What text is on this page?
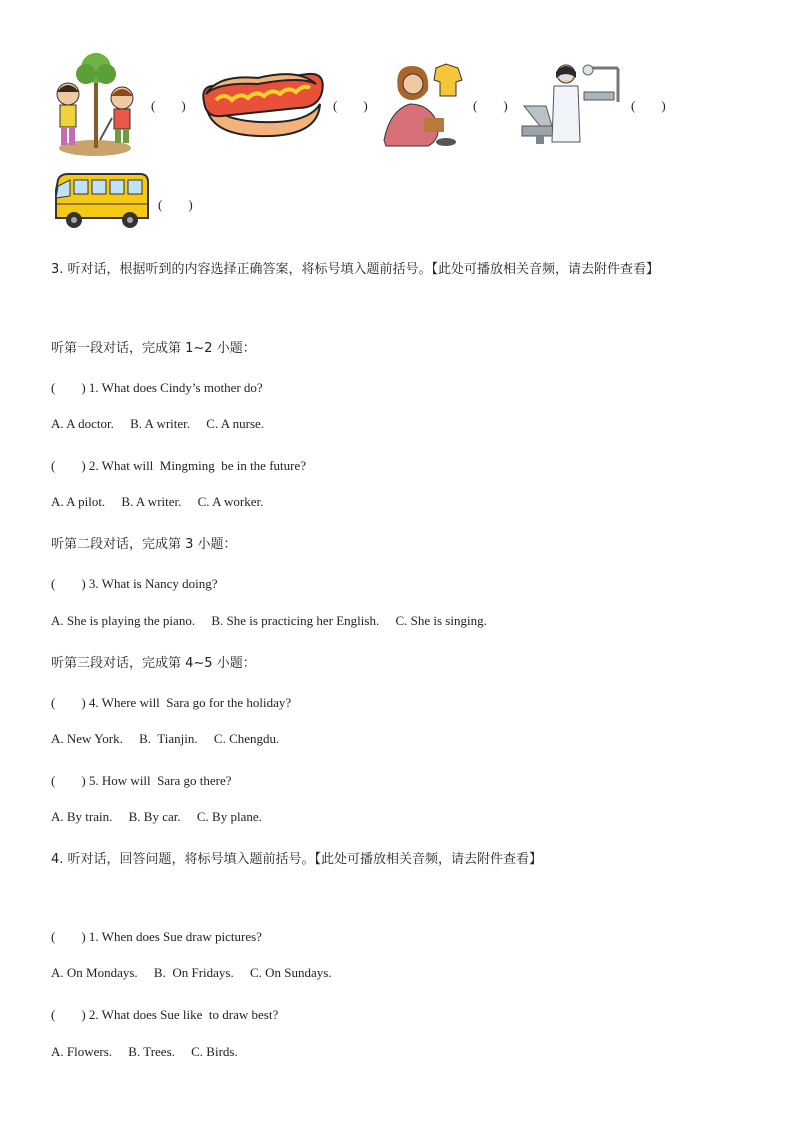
(　　)	(　　)	(　　)	(　　)
(　　)
3. 听对话，根据听到的内容选择正确答案，将标号填入题前括号。【此处可播放相关音频，请去附件查看】
听第一段对话，完成第 1~2 小题：
(　　) 1. What does Cindy’s mother do?
A. A doctor.     B. A writer.     C. A nurse.
(　　) 2. What will  Mingming  be in the future?
A. A pilot.     B. A writer.     C. A worker.
听第二段对话，完成第 3 小题：
(　　) 3. What is Nancy doing?
A. She is playing the piano.     B. She is practicing her English.     C. She is singing.
听第三段对话，完成第 4~5 小题：
(　　) 4. Where will  Sara go for the holiday?
A. New York.     B.  Tianjin.     C. Chengdu.
(　　) 5. How will  Sara go there?
A. By train.     B. By car.     C. By plane.
4. 听对话，回答问题，将标号填入题前括号。【此处可播放相关音频，请去附件查看】
(　　) 1. When does Sue draw pictures?
A. On Mondays.     B.  On Fridays.     C. On Sundays.
(　　) 2. What does Sue like  to draw best?
A. Flowers.     B. Trees.     C. Birds.
